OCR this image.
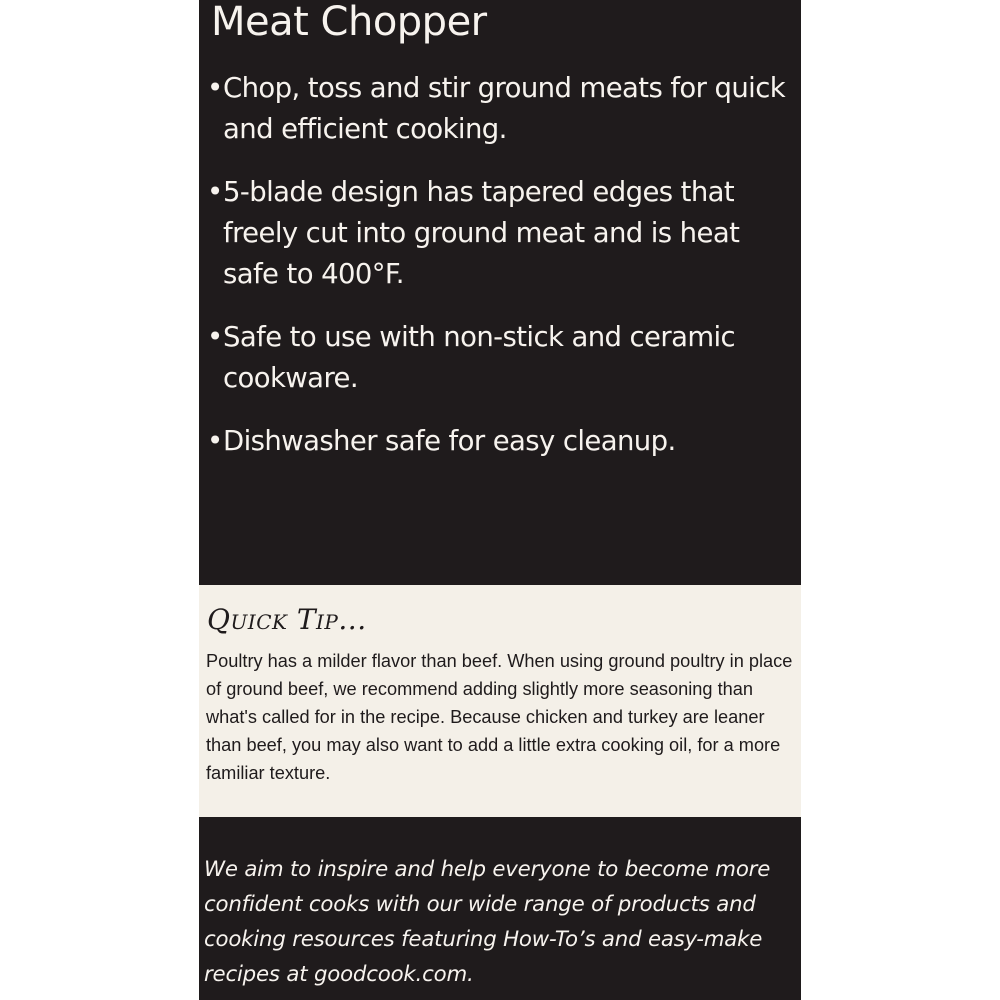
Meat Chopper
• Chop, toss and stir ground meats for quick and efficient cooking.
• 5-blade design has tapered edges that freely cut into ground meat and is heat safe to 400°F.
• Safe to use with non-stick and ceramic cookware.
• Dishwasher safe for easy cleanup.
Quick Tip...

Poultry has a milder flavor than beef. When using ground poultry in place of ground beef, we recommend adding slightly more seasoning than what's called for in the recipe. Because chicken and turkey are leaner than beef, you may also want to add a little extra cooking oil, for a more familiar texture.

We aim to inspire and help everyone to become more confident cooks with our wide range of products and cooking resources featuring How-To’s and easy-make recipes at goodcook.com.
